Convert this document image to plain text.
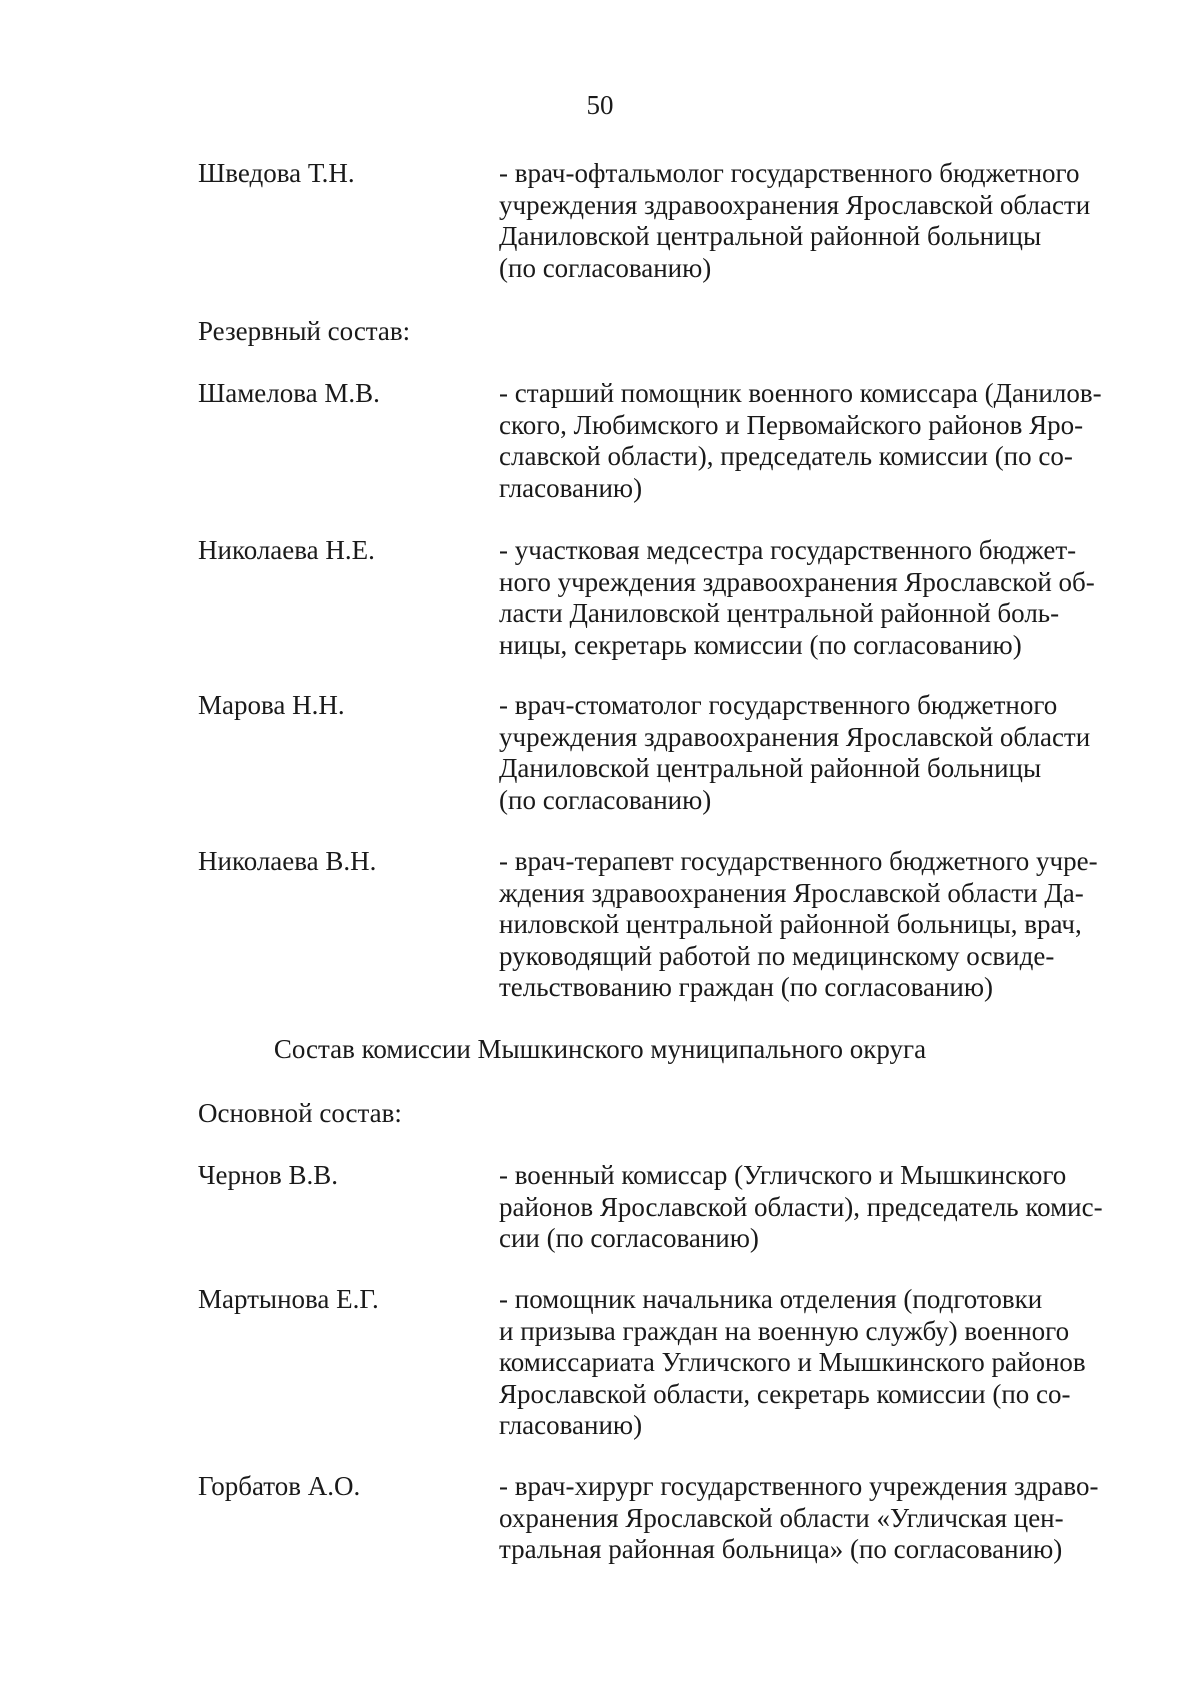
50
Шведова Т.Н.	- врач-офтальмолог государственного бюджетного
учреждения здравоохранения Ярославской области
Даниловской центральной районной больницы
(по согласованию)
Резервный состав:
Шамелова М.В.	- старший помощник военного комиссара (Данилов-
ского, Любимского и Первомайского районов Яро-
славской области), председатель комиссии (по со-
гласованию)
Николаева Н.Е.	- участковая медсестра государственного бюджет-
ного учреждения здравоохранения Ярославской об-
ласти Даниловской центральной районной боль-
ницы, секретарь комиссии (по согласованию)
Марова Н.Н.	- врач-стоматолог государственного бюджетного
учреждения здравоохранения Ярославской области
Даниловской центральной районной больницы
(по согласованию)
Николаева В.Н.	- врач-терапевт государственного бюджетного учре-
ждения здравоохранения Ярославской области Да-
ниловской центральной районной больницы, врач,
руководящий работой по медицинскому освиде-
тельствованию граждан (по согласованию)
Состав комиссии Мышкинского муниципального округа
Основной состав:
Чернов В.В.	- военный комиссар (Угличского и Мышкинского
районов Ярославской области), председатель комис-
сии (по согласованию)
Мартынова Е.Г.	- помощник начальника отделения (подготовки
и призыва граждан на военную службу) военного
комиссариата Угличского и Мышкинского районов
Ярославской области, секретарь комиссии (по со-
гласованию)
Горбатов А.О.	- врач-хирург государственного учреждения здраво-
охранения Ярославской области «Угличская цен-
тральная районная больница» (по согласованию)
